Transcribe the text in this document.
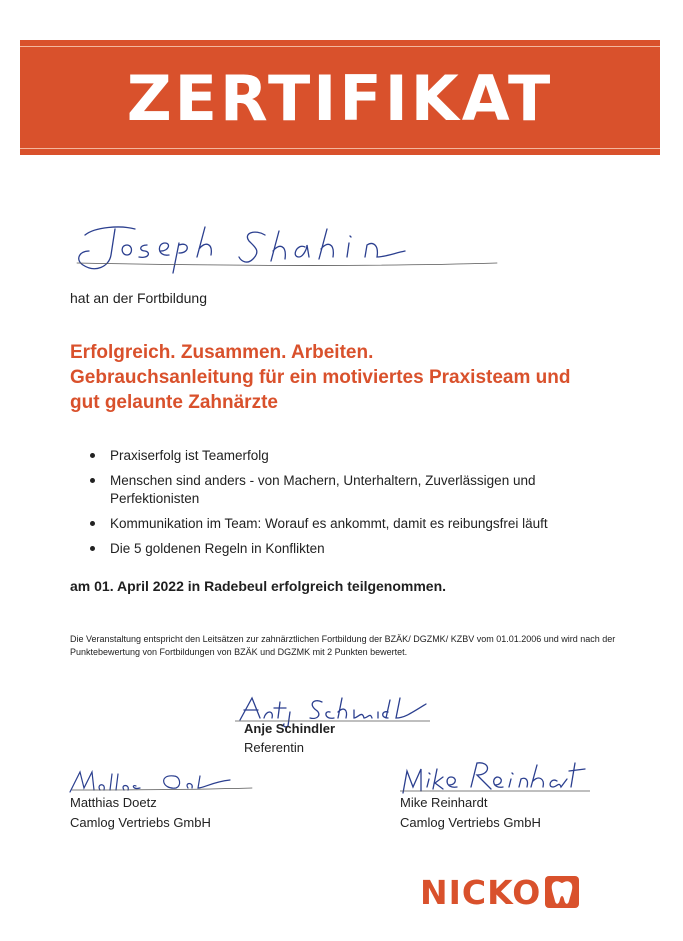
ZERTIFIKAT
hat an der Fortbildung
Erfolgreich. Zusammen. Arbeiten.
Gebrauchsanleitung für ein motiviertes Praxisteam und
gut gelaunte Zahnärzte
Praxiserfolg ist Teamerfolg
Menschen sind anders - von Machern, Unterhaltern, Zuverlässigen und Perfektionisten
Kommunikation im Team: Worauf es ankommt, damit es reibungsfrei läuft
Die 5 goldenen Regeln in Konflikten
am 01. April 2022 in Radebeul erfolgreich teilgenommen.
Die Veranstaltung entspricht den Leitsätzen zur zahnärztlichen Fortbildung der BZÄK/ DGZMK/ KZBV vom 01.01.2006 und wird nach der Punktebewertung von Fortbildungen von BZÄK und DGZMK mit 2 Punkten bewertet.
Anje Schindler
Referentin
Matthias Doetz
Camlog Vertriebs GmbH
Mike Reinhardt
Camlog Vertriebs GmbH
NICKO
